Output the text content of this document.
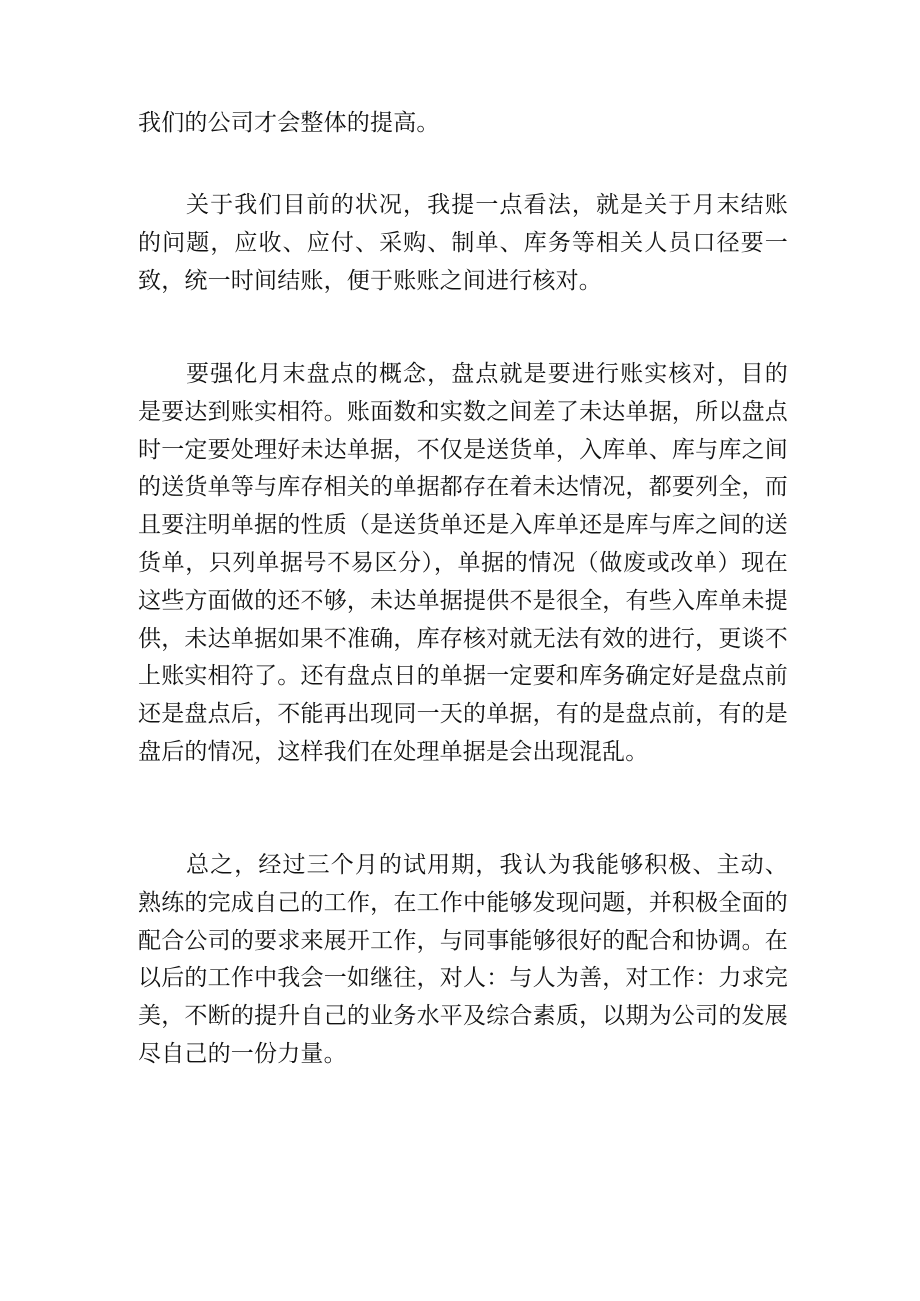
我们的公司才会整体的提高。

关于我们目前的状况，我提一点看法，就是关于月末结账的问题，应收、应付、采购、制单、库务等相关人员口径要一致，统一时间结账，便于账账之间进行核对。

要强化月末盘点的概念，盘点就是要进行账实核对，目的是要达到账实相符。账面数和实数之间差了未达单据，所以盘点时一定要处理好未达单据，不仅是送货单，入库单、库与库之间的送货单等与库存相关的单据都存在着未达情况，都要列全，而且要注明单据的性质（是送货单还是入库单还是库与库之间的送货单，只列单据号不易区分），单据的情况（做废或改单）现在这些方面做的还不够，未达单据提供不是很全，有些入库单未提供，未达单据如果不准确，库存核对就无法有效的进行，更谈不上账实相符了。还有盘点日的单据一定要和库务确定好是盘点前还是盘点后，不能再出现同一天的单据，有的是盘点前，有的是盘后的情况，这样我们在处理单据是会出现混乱。

总之，经过三个月的试用期，我认为我能够积极、主动、熟练的完成自己的工作，在工作中能够发现问题，并积极全面的配合公司的要求来展开工作，与同事能够很好的配合和协调。在以后的工作中我会一如继往，对人：与人为善，对工作：力求完美，不断的提升自己的业务水平及综合素质，以期为公司的发展尽自己的一份力量。
